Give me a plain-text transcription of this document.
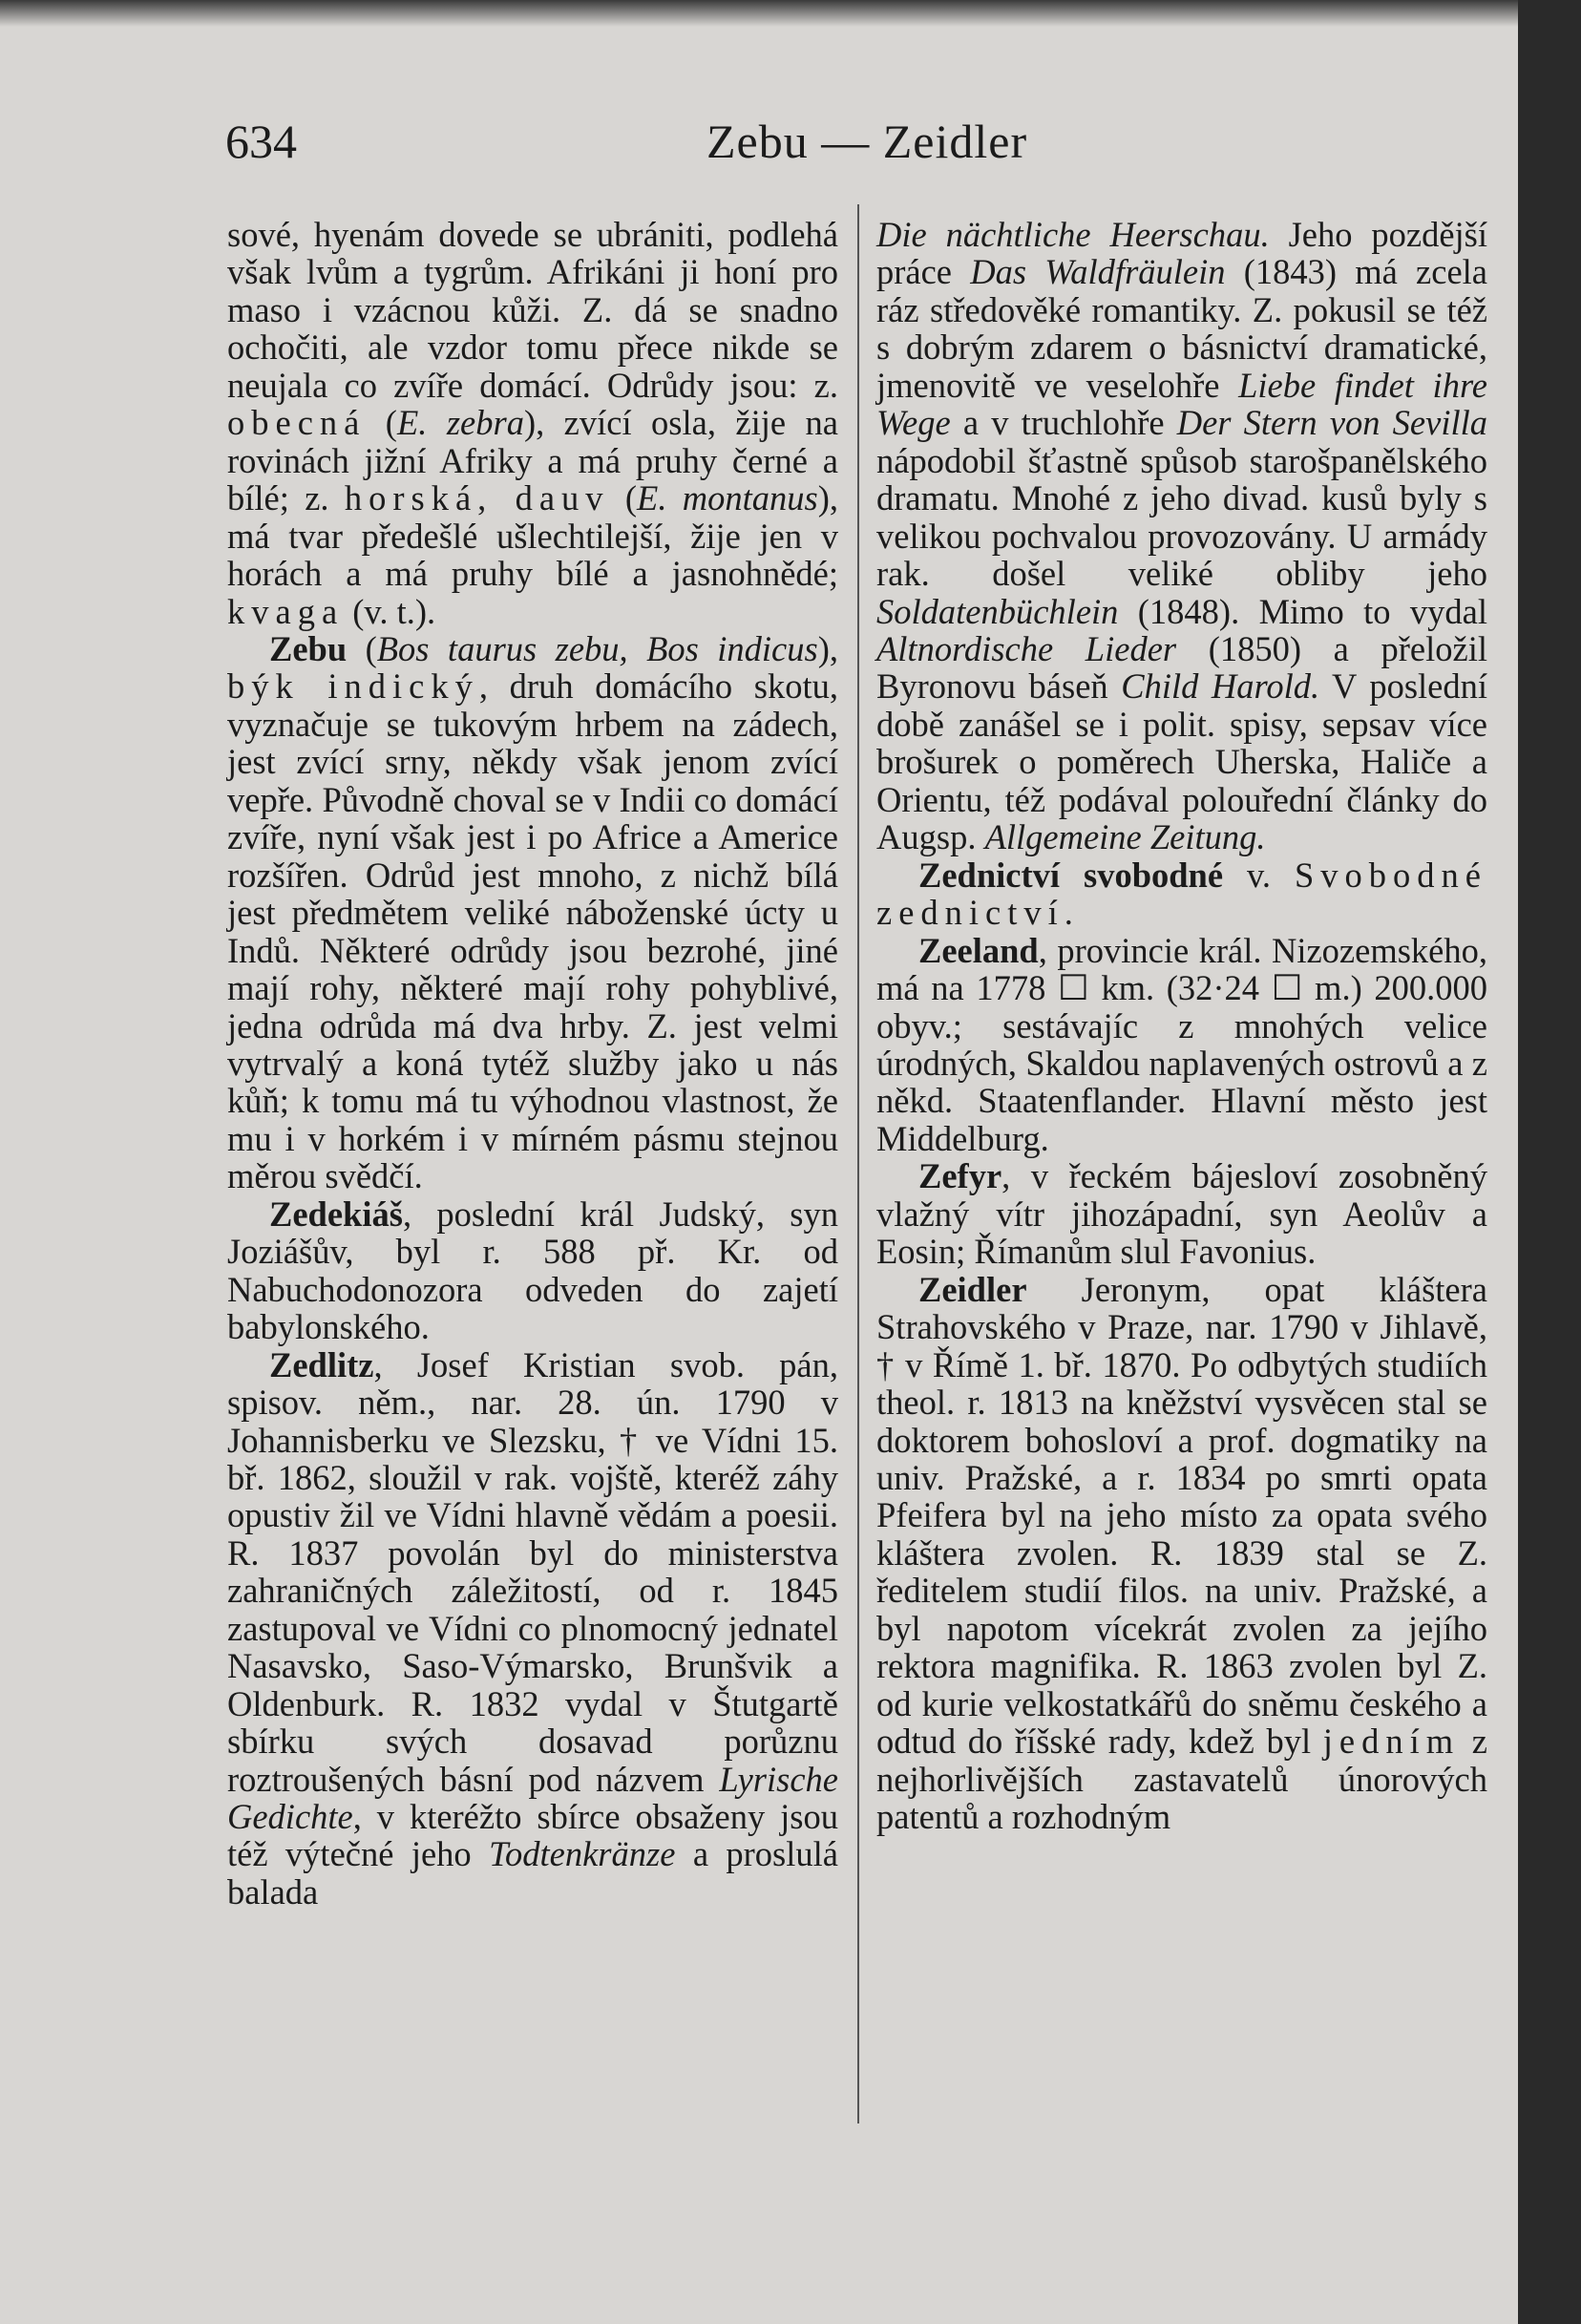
634	Zebu — Zeidler

sové, hyenám dovede se ubrániti, podlehá však lvům a tygrům. Afrikáni ji honí pro maso i vzácnou kůži. Z. dá se snadno ochočiti, ale vzdor tomu přece nikde se neujala co zvíře domácí. Odrůdy jsou: z. obecná (E. zebra), zvící osla, žije na rovinách jižní Afriky a má pruhy černé a bílé; z. horská, dauv (E. montanus), má tvar předešlé ušlechtilejší, žije jen v horách a má pruhy bílé a jasnohnědé; kvaga (v. t.).

Zebu (Bos taurus zebu, Bos indicus), býk indický, druh domácího skotu, vyznačuje se tukovým hrbem na zádech, jest zvící srny, někdy však jenom zvící vepře. Původně choval se v Indii co domácí zvíře, nyní však jest i po Africe a Americe rozšířen. Odrůd jest mnoho, z nichž bílá jest předmětem veliké náboženské úcty u Indů. Některé odrůdy jsou bezrohé, jiné mají rohy, některé mají rohy pohyblivé, jedna odrůda má dva hrby. Z. jest velmi vytrvalý a koná tytéž služby jako u nás kůň; k tomu má tu výhodnou vlastnost, že mu i v horkém i v mírném pásmu stejnou měrou svědčí.

Zedekiáš, poslední král Judský, syn Joziášův, byl r. 588 př. Kr. od Nabuchodonozora odveden do zajetí babylonského.

Zedlitz, Josef Kristian svob. pán, spisov. něm., nar. 28. ún. 1790 v Johannisberku ve Slezsku, † ve Vídni 15. bř. 1862, sloužil v rak. vojště, kteréž záhy opustiv žil ve Vídni hlavně vědám a poesii. R. 1837 povolán byl do ministerstva zahraničných záležitostí, od r. 1845 zastupoval ve Vídni co plnomocný jednatel Nasavsko, Saso-Výmarsko, Brunšvik a Oldenburk. R. 1832 vydal v Štutgartě sbírku svých dosavad porůznu roztroušených básní pod názvem Lyrische Gedichte, v kteréžto sbírce obsaženy jsou též výtečné jeho Todtenkränze a proslulá balada

Die nächtliche Heerschau. Jeho pozdější práce Das Waldfräulein (1843) má zcela ráz středověké romantiky. Z. pokusil se též s dobrým zdarem o básnictví dramatické, jmenovitě ve veselohře Liebe findet ihre Wege a v truchlohře Der Stern von Sevilla nápodobil šťastně spůsob starošpanělského dramatu. Mnohé z jeho divad. kusů byly s velikou pochvalou provozovány. U armády rak. došel veliké obliby jeho Soldatenbüchlein (1848). Mimo to vydal Altnordische Lieder (1850) a přeložil Byronovu báseň Child Harold. V poslední době zanášel se i polit. spisy, sepsav více brošurek o poměrech Uherska, Haliče a Orientu, též podával polouřední články do Augsp. Allgemeine Zeitung.

Zednictví svobodné v. Svobodné zednictví.

Zeeland, provincie král. Nizozemského, má na 1778 ☐ km. (32·24 ☐ m.) 200.000 obyv.; sestávajíc z mnohých velice úrodných, Skaldou naplavených ostrovů a z někd. Staatenflander. Hlavní město jest Middelburg.

Zefyr, v řeckém bájesloví zosobněný vlažný vítr jihozápadní, syn Aeolův a Eosin; Římanům slul Favonius.

Zeidler Jeronym, opat kláštera Strahovského v Praze, nar. 1790 v Jihlavě, † v Římě 1. bř. 1870. Po odbytých studiích theol. r. 1813 na kněžství vysvěcen stal se doktorem bohosloví a prof. dogmatiky na univ. Pražské, a r. 1834 po smrti opata Pfeifera byl na jeho místo za opata svého kláštera zvolen. R. 1839 stal se Z. ředitelem studií filos. na univ. Pražské, a byl napotom vícekrát zvolen za jejího rektora magnifika. R. 1863 zvolen byl Z. od kurie velkostatkářů do sněmu českého a odtud do říšské rady, kdež byl jedním z nejhorlivějších zastavatelů únorových patentů a rozhodným
